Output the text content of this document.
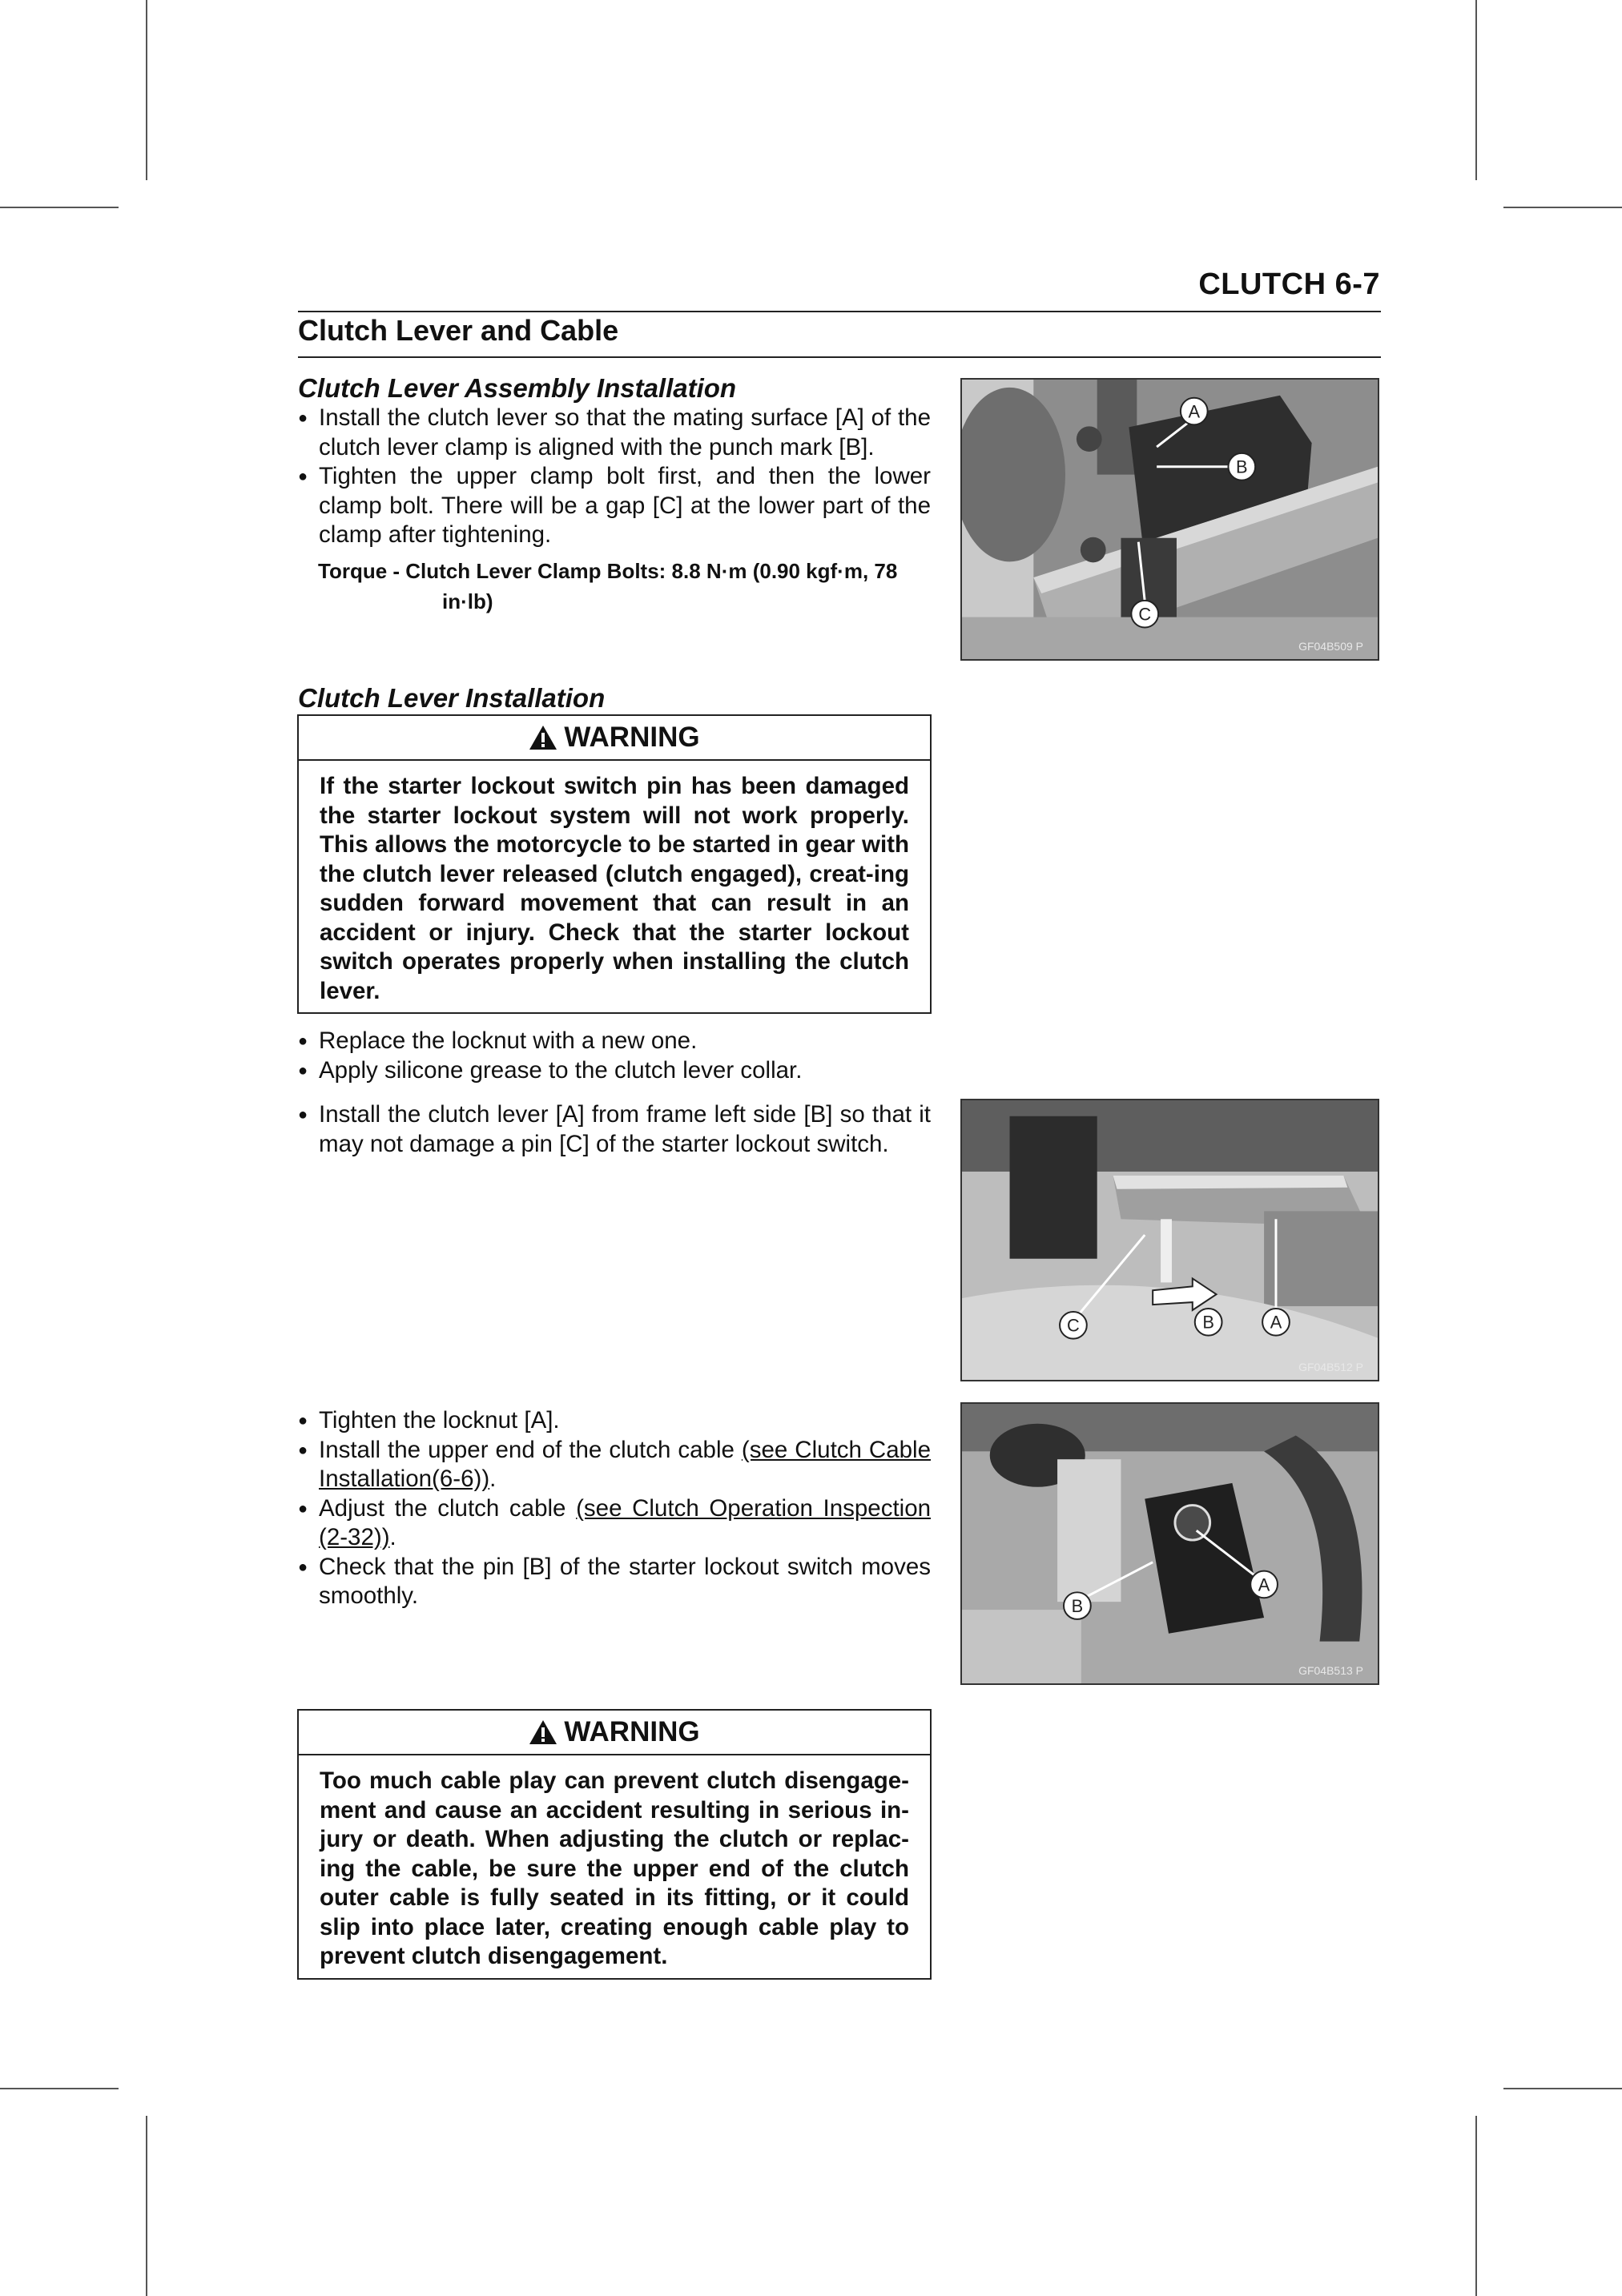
CLUTCH 6-7
Clutch Lever and Cable
Clutch Lever Assembly Installation
● Install the clutch lever so that the mating surface [A] of the clutch lever clamp is aligned with the punch mark [B].
● Tighten the upper clamp bolt first, and then the lower clamp bolt. There will be a gap [C] at the lower part of the clamp after tightening.
Torque - Clutch Lever Clamp Bolts: 8.8 N·m (0.90 kgf·m, 78
in·lb)
A
B
C
GF04B509 P
Clutch Lever Installation
WARNING
If the starter lockout switch pin has been damaged the starter lockout system will not work properly. This allows the motorcycle to be started in gear with the clutch lever released (clutch engaged), creat-ing sudden forward movement that can result in an accident or injury. Check that the starter lockout switch operates properly when installing the clutch lever.
● Replace the locknut with a new one.
● Apply silicone grease to the clutch lever collar.
● Install the clutch lever [A] from frame left side [B] so that it may not damage a pin [C] of the starter lockout switch.
C	B	A
GF04B512 P
● Tighten the locknut [A].
● Install the upper end of the clutch cable (see Clutch Cable Installation(6-6)).
● Adjust the clutch cable (see Clutch Operation Inspection (2-32)).
● Check that the pin [B] of the starter lockout switch moves smoothly.	B
A
GF04B513 P
WARNING
Too much cable play can prevent clutch disengage-ment and cause an accident resulting in serious in-jury or death. When adjusting the clutch or replac-ing the cable, be sure the upper end of the clutch outer cable is fully seated in its fitting, or it could slip into place later, creating enough cable play to prevent clutch disengagement.
